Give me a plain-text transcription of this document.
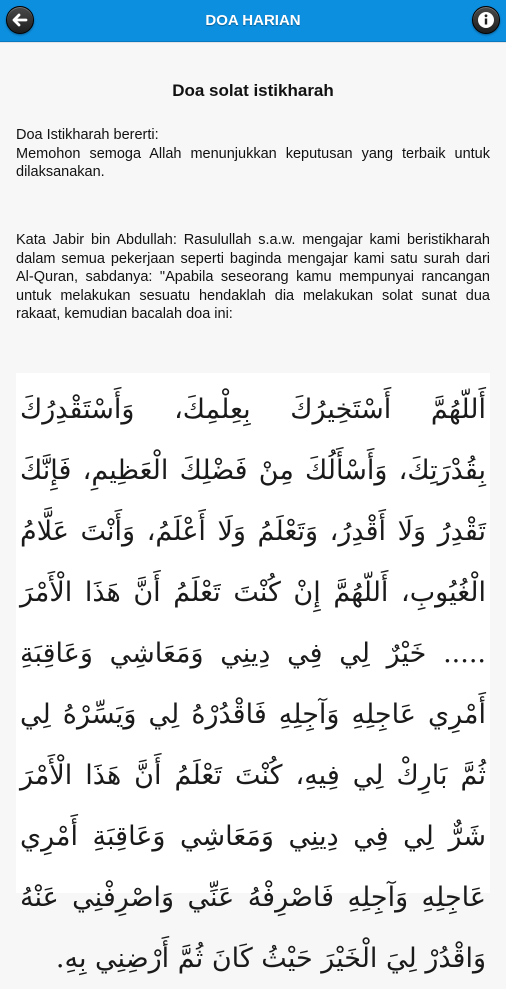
DOA HARIAN
Doa solat istikharah
Doa Istikharah bererti:
Memohon semoga Allah menunjukkan keputusan yang terbaik untuk dilaksanakan.
Kata Jabir bin Abdullah: Rasulullah s.a.w. mengajar kami beristikharah dalam semua pekerjaan seperti baginda mengajar kami satu surah dari Al-Quran, sabdanya: "Apabila seseorang kamu mempunyai rancangan untuk melakukan sesuatu hendaklah dia melakukan solat sunat dua rakaat, kemudian bacalah doa ini:
أَللّهُمَّ أَسْتَخِيرُكَ بِعِلْمِكَ، وَأَسْتَقْدِرُكَ بِقُدْرَتِكَ، وَأَسْأَلُكَ مِنْ فَضْلِكَ الْعَظِيمِ، فَإِنَّكَ تَقْدِرُ وَلَا أَقْدِرُ، وَتَعْلَمُ وَلَا أَعْلَمُ، وَأَنْتَ عَلَّامُ الْغُيُوبِ، أَللّهُمَّ إِنْ كُنْتَ تَعْلَمُ أَنَّ هَذَا الْأَمْرَ ..... خَيْرٌ لِي فِي دِينِي وَمَعَاشِي وَعَاقِبَةِ أَمْرِي عَاجِلِهِ وَآجِلِهِ فَاقْدُرْهُ لِي وَيَسِّرْهُ لِي ثُمَّ بَارِكْ لِي فِيهِ، كُنْتَ تَعْلَمُ أَنَّ هَذَا الْأَمْرَ شَرٌّ لِي فِي دِينِي وَمَعَاشِي وَعَاقِبَةِ أَمْرِي عَاجِلِهِ وَآجِلِهِ فَاصْرِفْهُ عَنِّي وَاصْرِفْنِي عَنْهُ وَاقْدُرْ لِيَ الْخَيْرَ حَيْثُ كَانَ ثُمَّ أَرْضِنِي بِهِ.
